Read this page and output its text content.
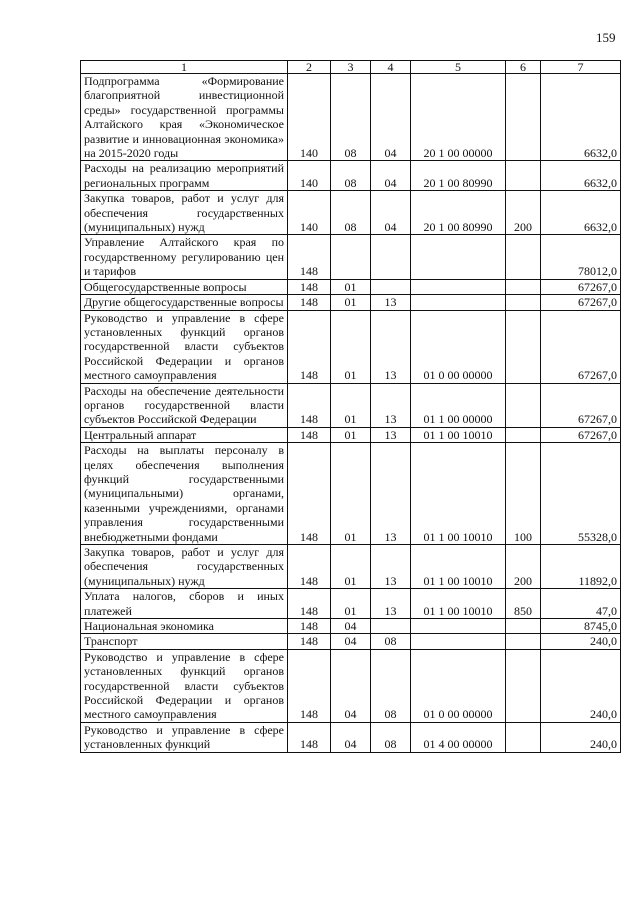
159
1	2	3	4	5	6	7
Подпрограмма «Формирование благоприятной инвестиционной среды» государственной программы Алтайского края «Экономическое развитие и инновационная экономика» на 2015-2020 годы	140	08	04	20 1 00 00000		6632,0
Расходы на реализацию мероприятий региональных программ	140	08	04	20 1 00 80990		6632,0
Закупка товаров, работ и услуг для обеспечения государственных (муниципальных) нужд	140	08	04	20 1 00 80990	200	6632,0
Управление Алтайского края по государственному регулированию цен и тарифов	148					78012,0
Общегосударственные вопросы	148	01				67267,0
Другие общегосударственные вопросы	148	01	13			67267,0
Руководство и управление в сфере установленных функций органов государственной власти субъектов Российской Федерации и органов местного самоуправления	148	01	13	01 0 00 00000		67267,0
Расходы на обеспечение деятельности органов государственной власти субъектов Российской Федерации	148	01	13	01 1 00 00000		67267,0
Центральный аппарат	148	01	13	01 1 00 10010		67267,0
Расходы на выплаты персоналу в целях обеспечения выполнения функций государственными (муниципальными) органами, казенными учреждениями, органами управления государственными внебюджетными фондами	148	01	13	01 1 00 10010	100	55328,0
Закупка товаров, работ и услуг для обеспечения государственных (муниципальных) нужд	148	01	13	01 1 00 10010	200	11892,0
Уплата налогов, сборов и иных платежей	148	01	13	01 1 00 10010	850	47,0
Национальная экономика	148	04				8745,0
Транспорт	148	04	08			240,0
Руководство и управление в сфере установленных функций органов государственной власти субъектов Российской Федерации и органов местного самоуправления	148	04	08	01 0 00 00000		240,0
Руководство и управление в сфере установленных функций	148	04	08	01 4 00 00000		240,0
